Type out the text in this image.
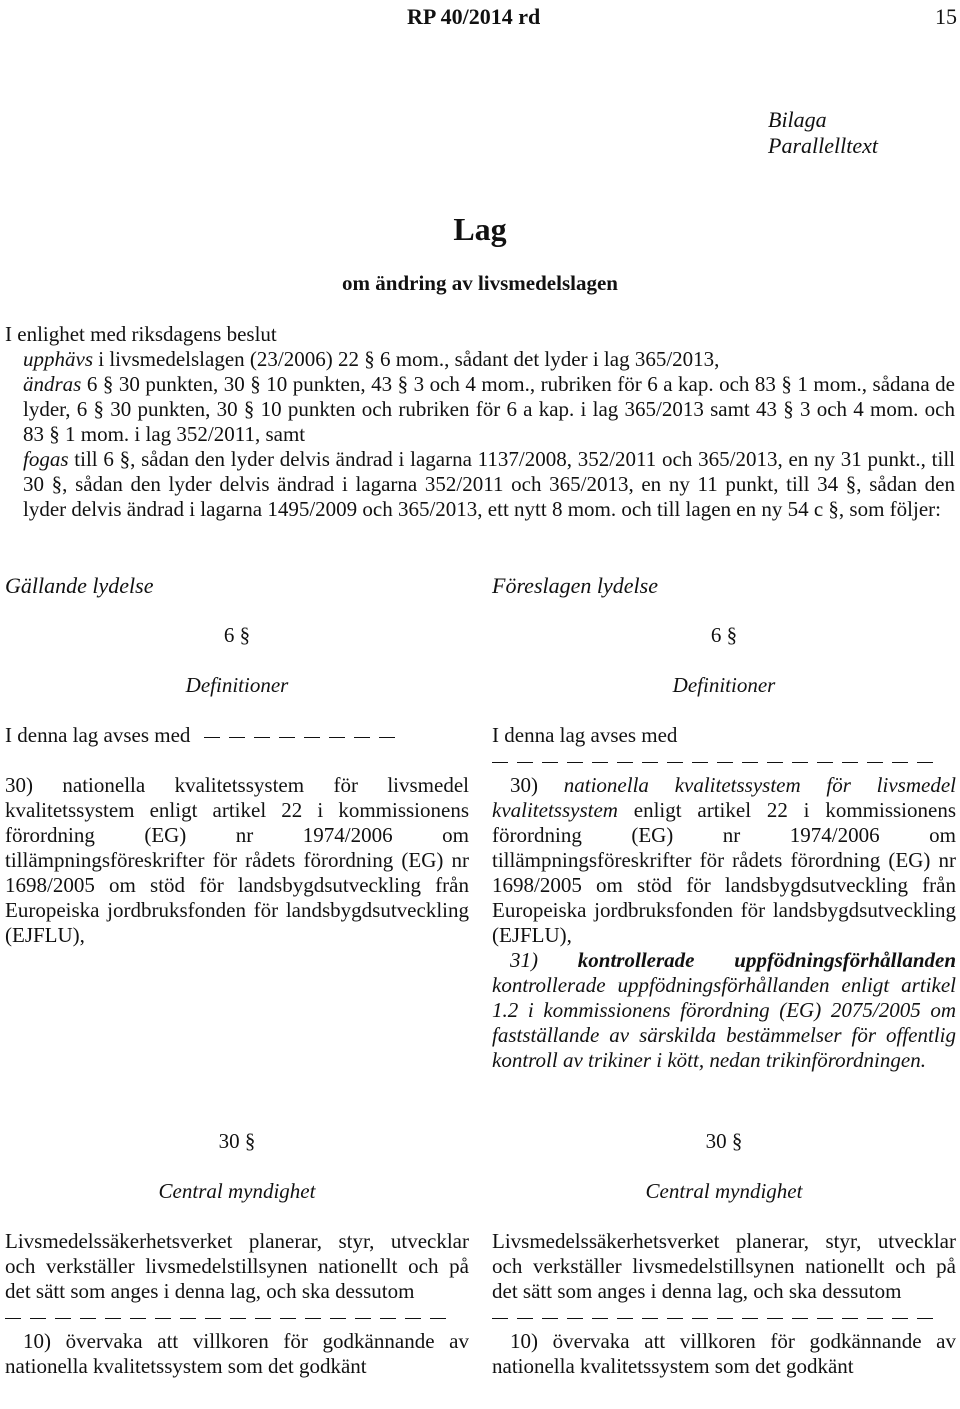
RP 40/2014 rd	15
Bilaga
Parallelltext
Lag
om ändring av livsmedelslagen

I enlighet med riksdagens beslut

upphävs i livsmedelslagen (23/2006) 22 § 6 mom., sådant det lyder i lag 365/2013,

ändras 6 § 30 punkten, 30 § 10 punkten, 43 § 3 och 4 mom., rubriken för 6 a kap. och 83 § 1 mom., sådana de lyder, 6 § 30 punkten, 30 § 10 punkten och rubriken för 6 a kap. i lag 365/2013 samt 43 § 3 och 4 mom. och 83 § 1 mom. i lag 352/2011, samt

fogas till 6 §, sådan den lyder delvis ändrad i lagarna 1137/2008, 352/2011 och 365/2013, en ny 31 punkt., till 30 §, sådan den lyder delvis ändrad i lagarna 352/2011 och 365/2013, en ny 11 punkt, till 34 §, sådan den lyder delvis ändrad i lagarna 1495/2009 och 365/2013, ett nytt 8 mom. och till lagen en ny 54 c §, som följer:

Gällande lydelse	Föreslagen lydelse
6 §
Definitioner
I denna lag avses med

30) nationella kvalitetssystem för livsmedel kvalitetssystem enligt artikel 22 i kommissionens förordning (EG) nr 1974/2006 om tillämpningsföreskrifter för rådets förordning (EG) nr 1698/2005 om stöd för landsbygdsutveckling från Europeiska jordbruksfonden för landsbygdsutveckling (EJFLU),

6 §
Definitioner
I denna lag avses med

30) nationella kvalitetssystem för livsmedel kvalitetssystem enligt artikel 22 i kommissionens förordning (EG) nr 1974/2006 om tillämpningsföreskrifter för rådets förordning (EG) nr 1698/2005 om stöd för landsbygdsutveckling från Europeiska jordbruksfonden för landsbygdsutveckling (EJFLU),

31) kontrollerade uppfödningsförhållanden kontrollerade uppfödningsförhållanden enligt artikel 1.2 i kommissionens förordning (EG) 2075/2005 om fastställande av särskilda bestämmelser för offentlig kontroll av trikiner i kött, nedan trikinförordningen.

30 §
Central myndighet

Livsmedelssäkerhetsverket planerar, styr, utvecklar och verkställer livsmedelstillsynen nationellt och på det sätt som anges i denna lag, och ska dessutom

10) övervaka att villkoren för godkännande av nationella kvalitetssystem som det godkänt

30 §
Central myndighet

Livsmedelssäkerhetsverket planerar, styr, utvecklar och verkställer livsmedelstillsynen nationellt och på det sätt som anges i denna lag, och ska dessutom

10) övervaka att villkoren för godkännande av nationella kvalitetssystem som det godkänt
